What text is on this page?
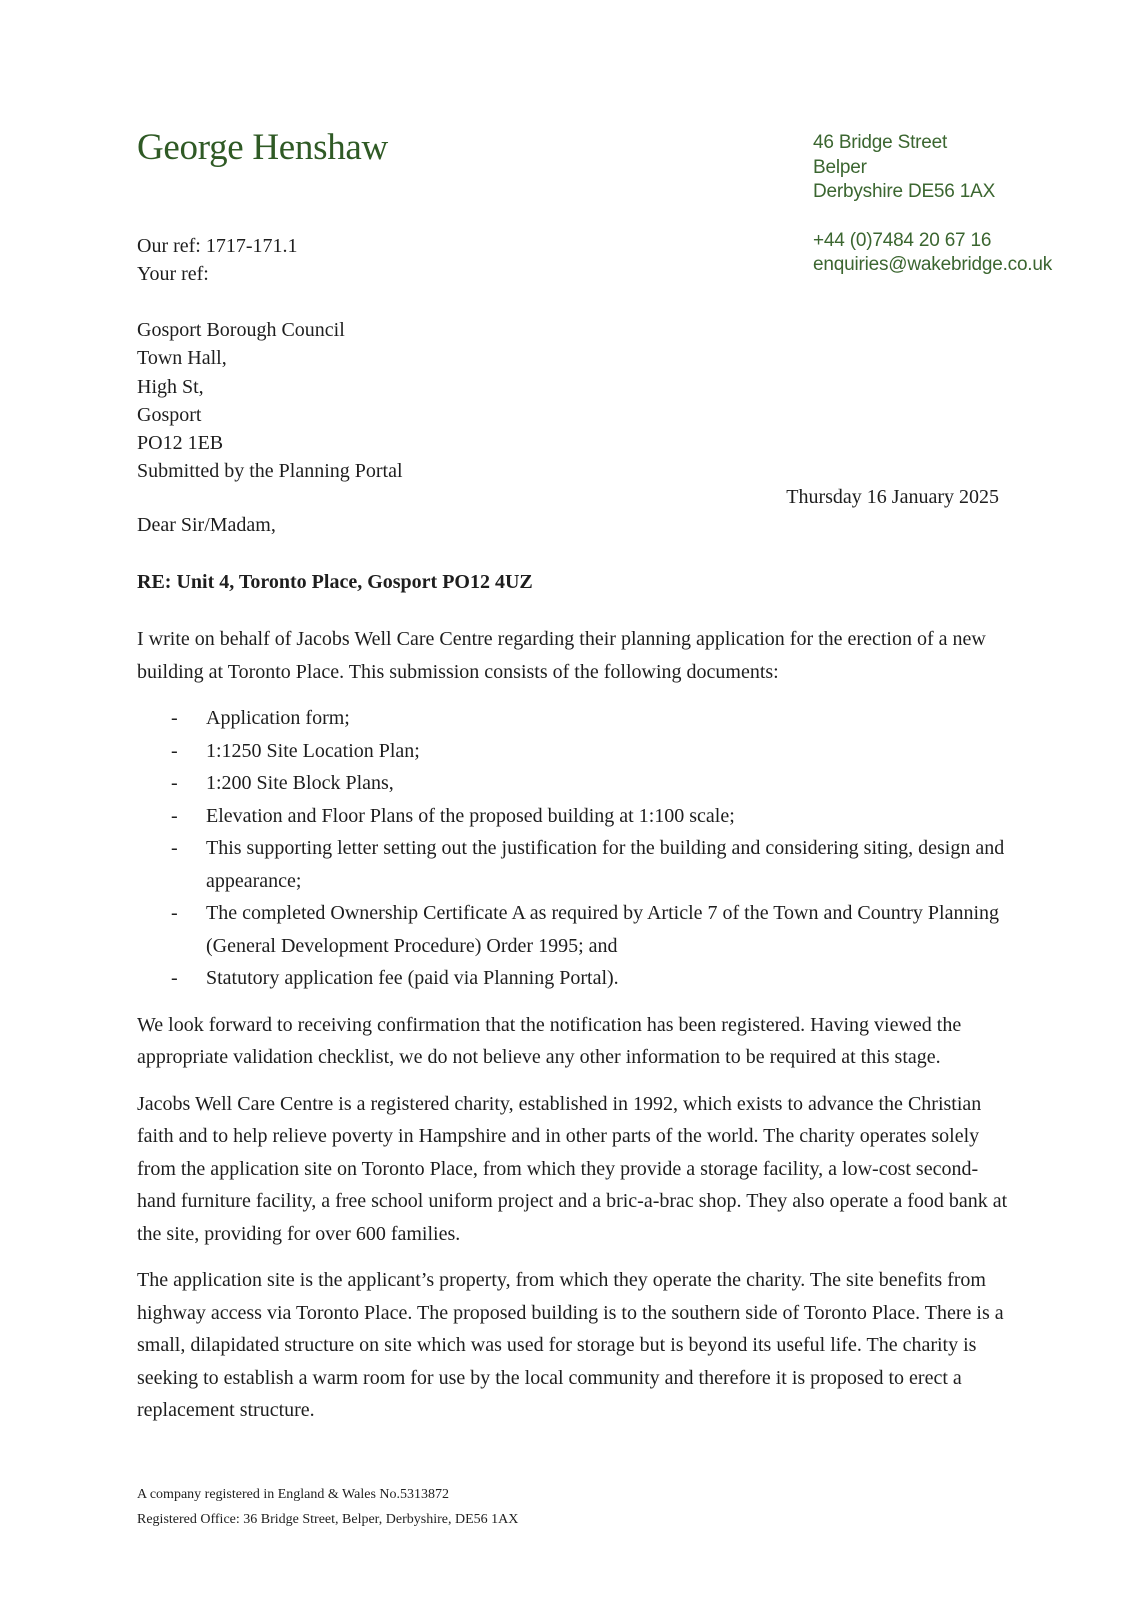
George Henshaw	46 Bridge Street
Belper
Derbyshire DE56 1AX
+44 (0)7484 20 67 16
enquiries@wakebridge.co.uk
Our ref: 1717-171.1
Your ref:
Gosport Borough Council
Town Hall,
High St,
Gosport
PO12 1EB
Submitted by the Planning Portal
Thursday 16 January 2025
Dear Sir/Madam,
RE: Unit 4, Toronto Place, Gosport PO12 4UZ

I write on behalf of Jacobs Well Care Centre regarding their planning application for the erection of a new building at Toronto Place. This submission consists of the following documents:

- Application form;
- 1:1250 Site Location Plan;
- 1:200 Site Block Plans,
- Elevation and Floor Plans of the proposed building at 1:100 scale;
- This supporting letter setting out the justification for the building and considering siting, design and appearance;
- The completed Ownership Certificate A as required by Article 7 of the Town and Country Planning (General Development Procedure) Order 1995; and
- Statutory application fee (paid via Planning Portal).

We look forward to receiving confirmation that the notification has been registered. Having viewed the appropriate validation checklist, we do not believe any other information to be required at this stage.

Jacobs Well Care Centre is a registered charity, established in 1992, which exists to advance the Christian faith and to help relieve poverty in Hampshire and in other parts of the world. The charity operates solely from the application site on Toronto Place, from which they provide a storage facility, a low-cost second-hand furniture facility, a free school uniform project and a bric-a-brac shop. They also operate a food bank at the site, providing for over 600 families.

The application site is the applicant’s property, from which they operate the charity. The site benefits from highway access via Toronto Place. The proposed building is to the southern side of Toronto Place. There is a small, dilapidated structure on site which was used for storage but is beyond its useful life. The charity is seeking to establish a warm room for use by the local community and therefore it is proposed to erect a replacement structure.

A company registered in England & Wales No.5313872
Registered Office: 36 Bridge Street, Belper, Derbyshire, DE56 1AX
